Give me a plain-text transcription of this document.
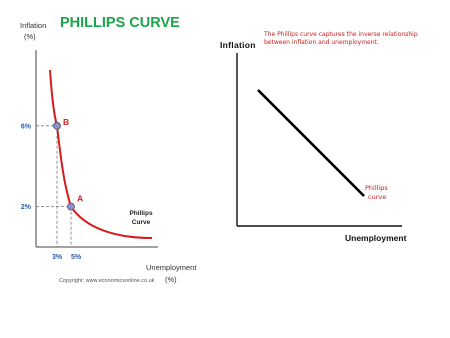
PHILLIPS CURVE
Inflation
(%)
B
A
6%
2%
3% 5%
Phillips
Curve
Unemployment
(%)
Copyright: www.economicsonline.co.uk
The Phillips curve captures the inverse relationship
between inflation and unemployment.
Inflation
Phillips
curve
Unemployment
